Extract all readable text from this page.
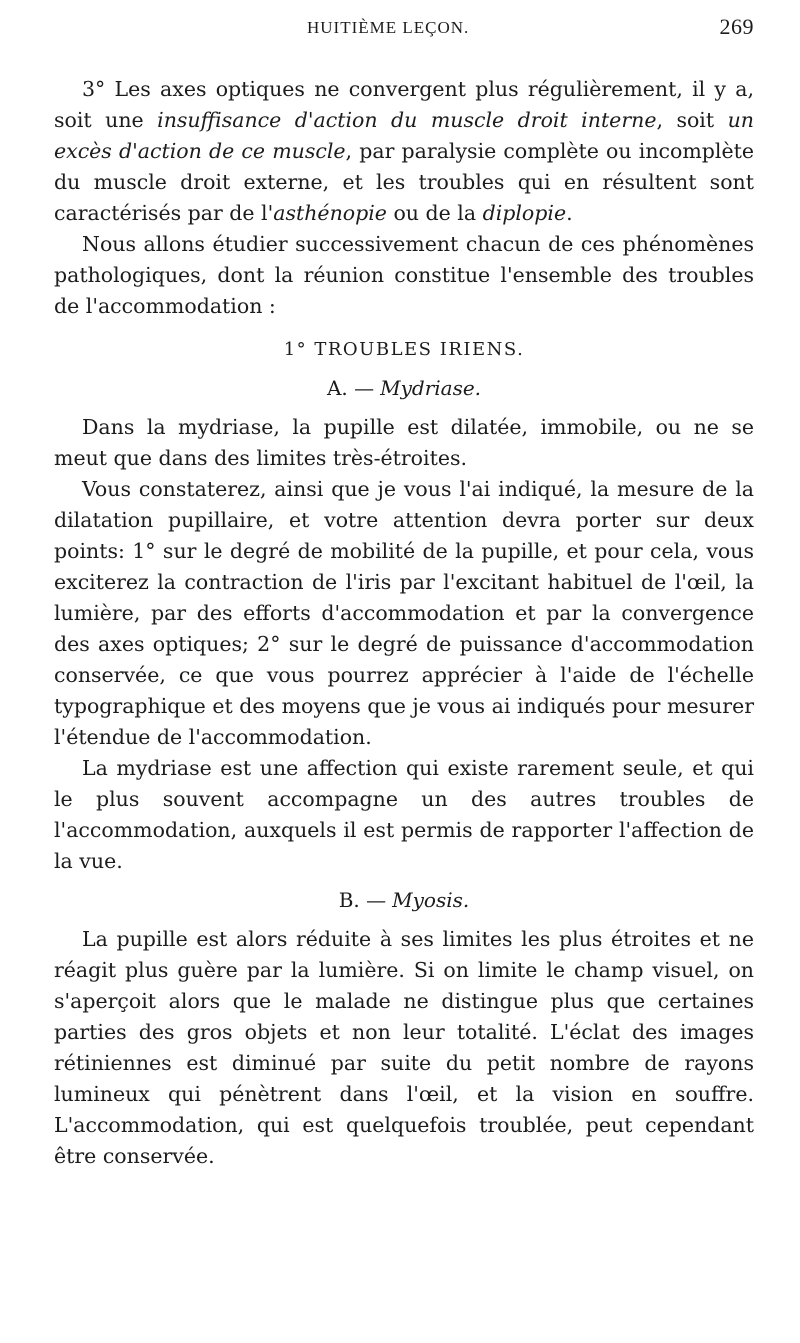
HUITIÈME LEÇON.	269

3° Les axes optiques ne convergent plus régulièrement, il y a, soit une insuffisance d'action du muscle droit interne, soit un excès d'action de ce muscle, par paralysie complète ou incomplète du muscle droit externe, et les troubles qui en résultent sont caractérisés par de l'asthénopie ou de la diplopie.

Nous allons étudier successivement chacun de ces phénomènes pathologiques, dont la réunion constitue l'ensemble des troubles de l'accommodation :

1° TROUBLES IRIENS.
A. — Mydriase.

Dans la mydriase, la pupille est dilatée, immobile, ou ne se meut que dans des limites très-étroites.

Vous constaterez, ainsi que je vous l'ai indiqué, la mesure de la dilatation pupillaire, et votre attention devra porter sur deux points: 1° sur le degré de mobilité de la pupille, et pour cela, vous exciterez la contraction de l'iris par l'excitant habituel de l'œil, la lumière, par des efforts d'accommodation et par la convergence des axes optiques; 2° sur le degré de puissance d'accommodation conservée, ce que vous pourrez apprécier à l'aide de l'échelle typographique et des moyens que je vous ai indiqués pour mesurer l'étendue de l'accommodation.

La mydriase est une affection qui existe rarement seule, et qui le plus souvent accompagne un des autres troubles de l'accommodation, auxquels il est permis de rapporter l'affection de la vue.

B. — Myosis.

La pupille est alors réduite à ses limites les plus étroites et ne réagit plus guère par la lumière. Si on limite le champ visuel, on s'aperçoit alors que le malade ne distingue plus que certaines parties des gros objets et non leur totalité. L'éclat des images rétiniennes est diminué par suite du petit nombre de rayons lumineux qui pénètrent dans l'œil, et la vision en souffre. L'accommodation, qui est quelquefois troublée, peut cependant être conservée.
